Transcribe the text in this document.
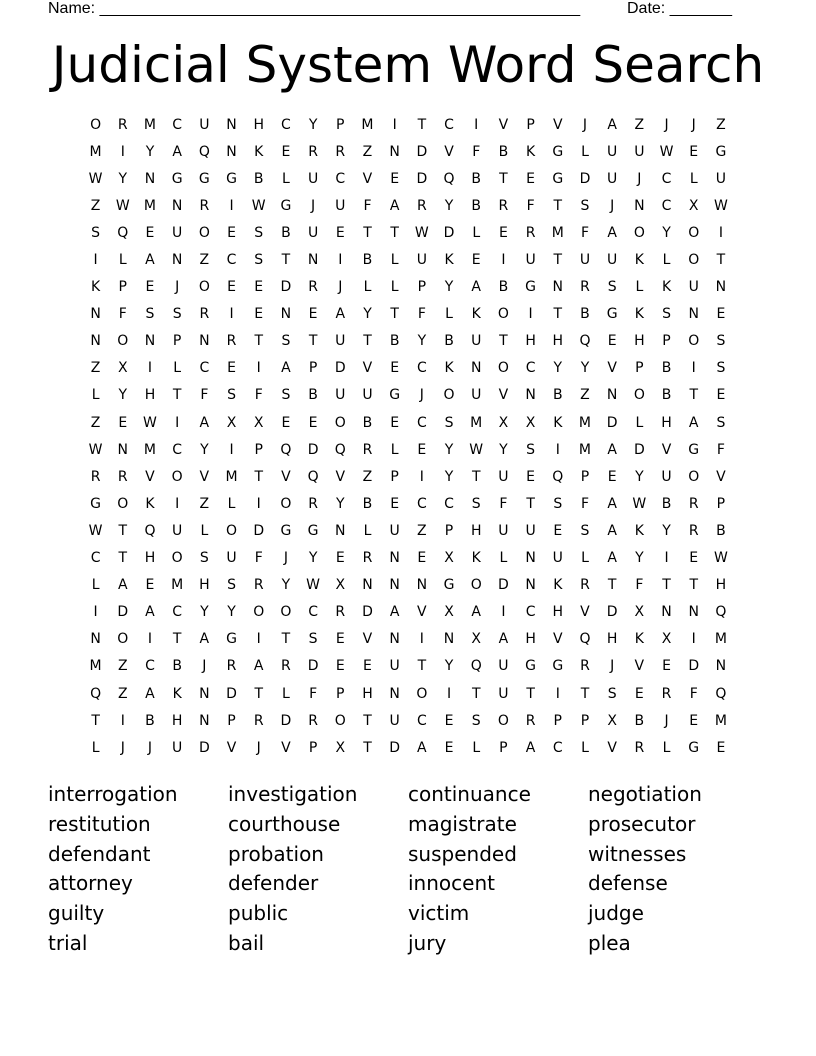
Name: ______________________________________________________	Date: _______
Judicial System Word Search
O	R	M	C	U	N	H	C	Y	P	M	I	T	C	I	V	P	V	J	A	Z	J	J	Z
M	I	Y	A	Q	N	K	E	R	R	Z	N	D	V	F	B	K	G	L	U	U	W	E	G
W	Y	N	G	G	G	B	L	U	C	V	E	D	Q	B	T	E	G	D	U	J	C	L	U
Z	W	M	N	R	I	W	G	J	U	F	A	R	Y	B	R	F	T	S	J	N	C	X	W
S	Q	E	U	O	E	S	B	U	E	T	T	W	D	L	E	R	M	F	A	O	Y	O	I
I	L	A	N	Z	C	S	T	N	I	B	L	U	K	E	I	U	T	U	U	K	L	O	T
K	P	E	J	O	E	E	D	R	J	L	L	P	Y	A	B	G	N	R	S	L	K	U	N
N	F	S	S	R	I	E	N	E	A	Y	T	F	L	K	O	I	T	B	G	K	S	N	E
N	O	N	P	N	R	T	S	T	U	T	B	Y	B	U	T	H	H	Q	E	H	P	O	S
Z	X	I	L	C	E	I	A	P	D	V	E	C	K	N	O	C	Y	Y	V	P	B	I	S
L	Y	H	T	F	S	F	S	B	U	U	G	J	O	U	V	N	B	Z	N	O	B	T	E
Z	E	W	I	A	X	X	E	E	O	B	E	C	S	M	X	X	K	M	D	L	H	A	S
W	N	M	C	Y	I	P	Q	D	Q	R	L	E	Y	W	Y	S	I	M	A	D	V	G	F
R	R	V	O	V	M	T	V	Q	V	Z	P	I	Y	T	U	E	Q	P	E	Y	U	O	V
G	O	K	I	Z	L	I	O	R	Y	B	E	C	C	S	F	T	S	F	A	W	B	R	P
W	T	Q	U	L	O	D	G	G	N	L	U	Z	P	H	U	U	E	S	A	K	Y	R	B
C	T	H	O	S	U	F	J	Y	E	R	N	E	X	K	L	N	U	L	A	Y	I	E	W
L	A	E	M	H	S	R	Y	W	X	N	N	N	G	O	D	N	K	R	T	F	T	T	H
I	D	A	C	Y	Y	O	O	C	R	D	A	V	X	A	I	C	H	V	D	X	N	N	Q
N	O	I	T	A	G	I	T	S	E	V	N	I	N	X	A	H	V	Q	H	K	X	I	M
M	Z	C	B	J	R	A	R	D	E	E	U	T	Y	Q	U	G	G	R	J	V	E	D	N
Q	Z	A	K	N	D	T	L	F	P	H	N	O	I	T	U	T	I	T	S	E	R	F	Q
T	I	B	H	N	P	R	D	R	O	T	U	C	E	S	O	R	P	P	X	B	J	E	M
L	J	J	U	D	V	J	V	P	X	T	D	A	E	L	P	A	C	L	V	R	L	G	E
interrogation	investigation	continuance	negotiation
restitution	courthouse	magistrate	prosecutor
defendant	probation	suspended	witnesses
attorney	defender	innocent	defense
guilty	public	victim	judge
trial	bail	jury	plea
